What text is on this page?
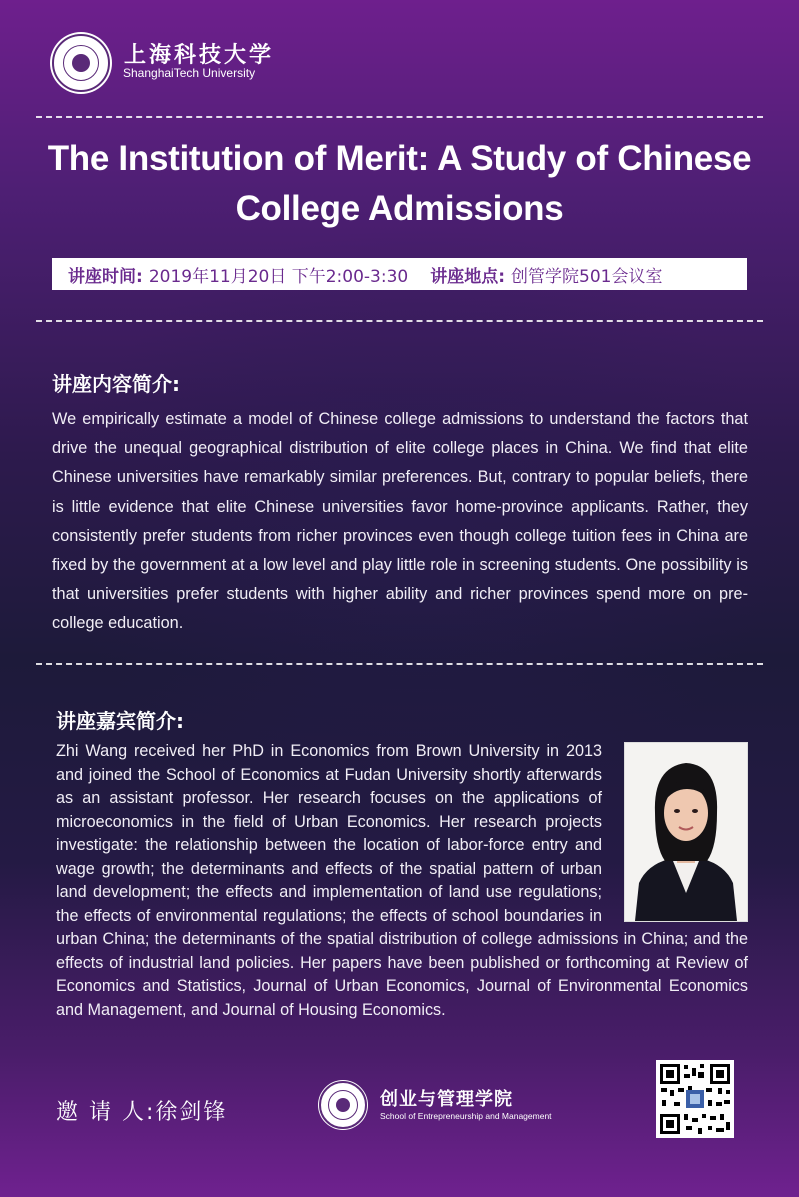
上海科技大学
ShanghaiTech University
The Institution of Merit: A Study of Chinese College Admissions
讲座时间: 2019年11月20日 下午2:00-3:30 讲座地点: 创管学院501会议室
讲座内容简介:
We empirically estimate a model of Chinese college admissions to understand the factors that drive the unequal geographical distribution of elite college places in China. We find that elite Chinese universities have remarkably similar preferences. But, contrary to popular beliefs, there is little evidence that elite Chinese universities favor home-province applicants. Rather, they consistently prefer students from richer provinces even though college tuition fees in China are fixed by the government at a low level and play little role in screening students. One possibility is that universities prefer students with higher ability and richer provinces spend more on pre-college education.
讲座嘉宾简介:
Zhi Wang received her PhD in Economics from Brown University in 2013 and joined the School of Economics at Fudan University shortly afterwards as an assistant professor. Her research focuses on the applications of microeconomics in the field of Urban Economics. Her research projects investigate: the relationship between the location of labor-force entry and wage growth; the determinants and effects of the spatial pattern of urban land development; the effects and implementation of land use regulations; the effects of environmental regulations; the effects of school boundaries in urban China; the determinants of the spatial distribution of college admissions in China; and the effects of industrial land policies. Her papers have been published or forthcoming at Review of Economics and Statistics, Journal of Urban Economics, Journal of Environmental Economics and Management, and Journal of Housing Economics.
邀 请 人:徐剑锋
创业与管理学院
School of Entrepreneurship and Management
